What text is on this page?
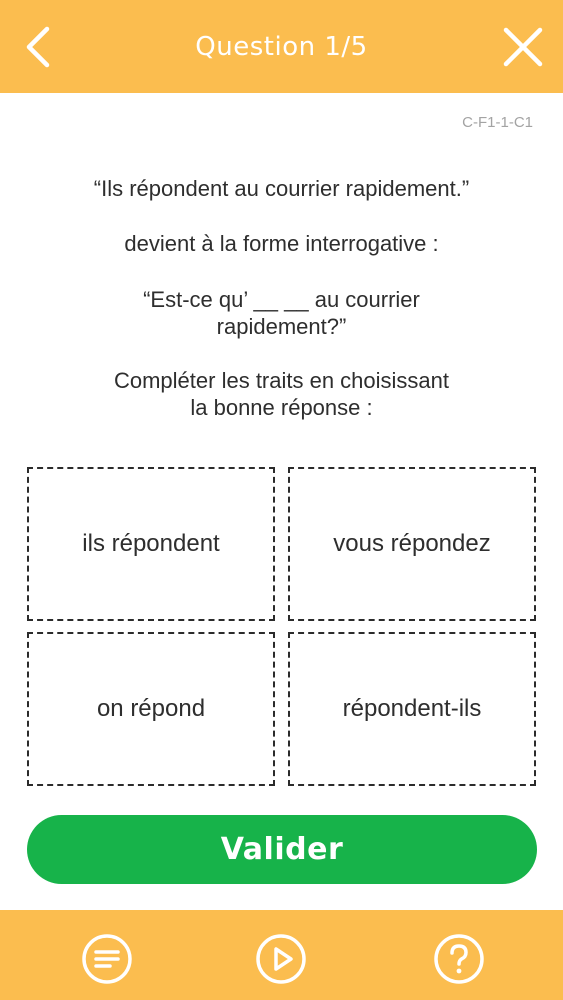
Question 1/5
C-F1-1-C1
“Ils répondent au courrier rapidement.”
devient à la forme interrogative :
“Est-ce qu’ __ __ au courrier
rapidement?”
Compléter les traits en choisissant
la bonne réponse :
ils répondent	vous répondez
on répond	répondent-ils
Valider
